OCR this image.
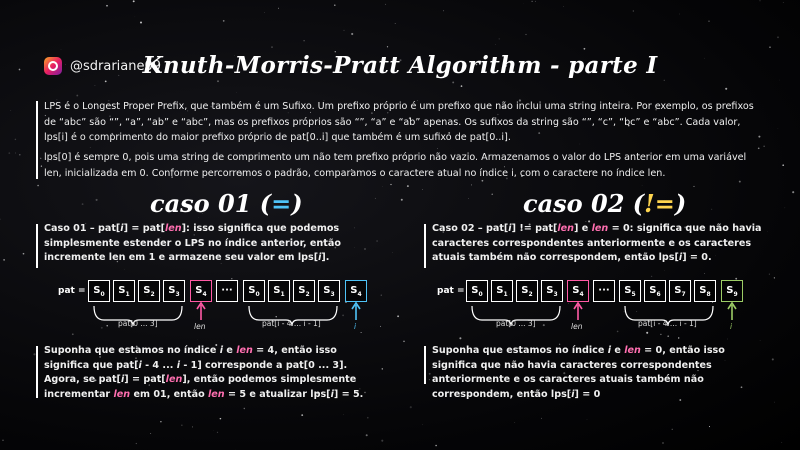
@sdrariane09
Knuth-Morris-Pratt Algorithm - parte I
LPS é o Longest Proper Prefix, que também é um Sufixo. Um prefixo próprio é um prefixo que não inclui uma string inteira. Por exemplo, os prefixos de “abc” são “”, “a”, “ab” e “abc”, mas os prefixos próprios são “”, “a” e “ab” apenas. Os sufixos da string são “”, “c”, “bc” e “abc”. Cada valor, lps[i] é o comprimento do maior prefixo próprio de pat[0..i] que também é um sufixo de pat[0..i].
lps[0] é sempre 0, pois uma string de comprimento um não tem prefixo próprio não vazio. Armazenamos o valor do LPS anterior em uma variável len, inicializada em 0. Conforme percorremos o padrão, comparamos o caractere atual no índice i, com o caractere no índice len.
caso 01 (=)
Caso 01 – pat[i] = pat[len]: isso significa que podemos simplesmente estender o LPS no índice anterior, então incremente len em 1 e armazene seu valor em lps[i].
pat = $S_0$	$S_1$	$S_2$	$S_3$	$S_4$	···	$S_0$	$S_1$	$S_2$	$S_3$	$S_4$
pat[0 ... 3]	pat[i - 4 ... i - 1]
len	i
Suponha que estamos no índice i e len = 4, então isso significa que pat[i - 4 ... i - 1] corresponde a pat[0 ... 3]. Agora, se pat[i] = pat[len], então podemos simplesmente incrementar len em 01, então len = 5 e atualizar lps[i] = 5.
caso 02 (!=)
Caso 02 – pat[i] != pat[len] e len = 0: significa que não havia caracteres correspondentes anteriormente e os caracteres atuais também não correspondem, então lps[i] = 0.
pat = $S_0$	$S_1$	$S_2$	$S_3$	$S_4$	···	$S_5$	$S_6$	$S_7$	$S_8$	$S_9$
pat[0 ... 3]	pat[i - 4 ... i - 1]
len	i
Suponha que estamos no índice i e len = 0, então isso significa que não havia caracteres correspondentes anteriormente e os caracteres atuais também não correspondem, então lps[i] = 0
